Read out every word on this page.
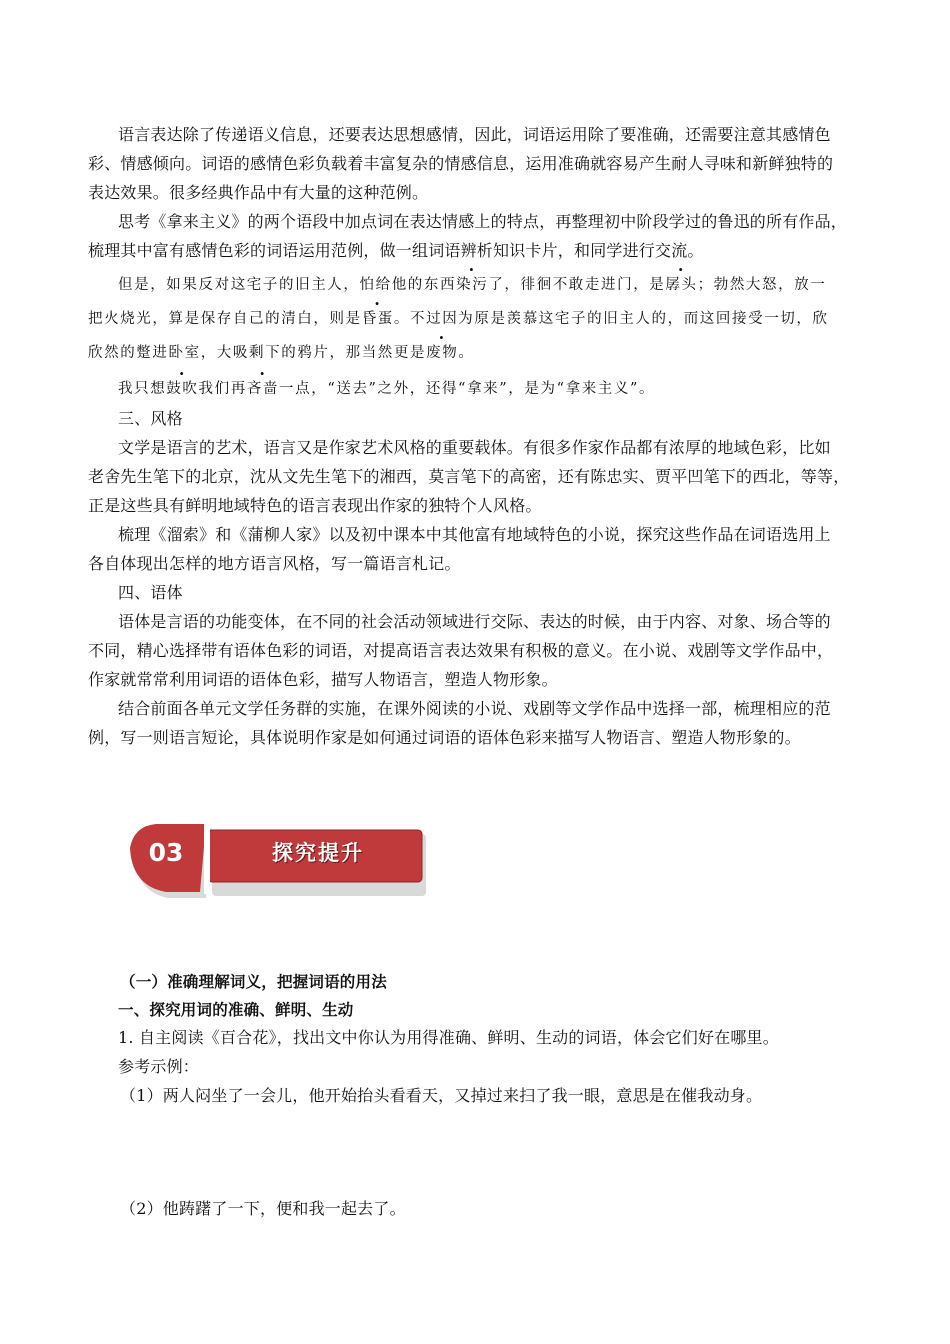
语言表达除了传递语义信息，还要表达思想感情，因此，词语运用除了要准确，还需要注意其感情色
彩、情感倾向。词语的感情色彩负载着丰富复杂的情感信息，运用准确就容易产生耐人寻味和新鲜独特的
表达效果。很多经典作品中有大量的这种范例。
思考《拿来主义》的两个语段中加点词在表达情感上的特点，再整理初中阶段学过的鲁迅的所有作品，
梳理其中富有感情色彩的词语运用范例，做一组词语辨析知识卡片，和同学进行交流。
但是，如果反对这宅子的旧主人，怕给他的东西染污了，徘徊不敢走进门，是孱头；勃然大怒，放一
把火烧光，算是保存自己的清白，则是昏蛋。不过因为原是羡慕这宅子的旧主人的，而这回接受一切，欣
欣然的蹩进卧室，大吸剩下的鸦片，那当然更是废物。
我只想鼓吹我们再吝啬一点，“送去”之外，还得“拿来”，是为“拿来主义”。
三、风格
文学是语言的艺术，语言又是作家艺术风格的重要载体。有很多作家作品都有浓厚的地域色彩，比如
老舍先生笔下的北京，沈从文先生笔下的湘西，莫言笔下的高密，还有陈忠实、贾平凹笔下的西北，等等，
正是这些具有鲜明地域特色的语言表现出作家的独特个人风格。
梳理《溜索》和《蒲柳人家》以及初中课本中其他富有地域特色的小说，探究这些作品在词语选用上
各自体现出怎样的地方语言风格，写一篇语言札记。
四、语体
语体是言语的功能变体，在不同的社会活动领域进行交际、表达的时候，由于内容、对象、场合等的
不同，精心选择带有语体色彩的词语，对提高语言表达效果有积极的意义。在小说、戏剧等文学作品中，
作家就常常利用词语的语体色彩，描写人物语言，塑造人物形象。
结合前面各单元文学任务群的实施，在课外阅读的小说、戏剧等文学作品中选择一部，梳理相应的范
例，写一则语言短论，具体说明作家是如何通过词语的语体色彩来描写人物语言、塑造人物形象的。
03	探究提升
（一）准确理解词义，把握词语的用法
一、探究用词的准确、鲜明、生动
1. 自主阅读《百合花》，找出文中你认为用得准确、鲜明、生动的词语，体会它们好在哪里。
参考示例：
（1）两人闷坐了一会儿，他开始抬头看看天，又掉过来扫了我一眼，意思是在催我动身。
（2）他踌躇了一下，便和我一起去了。
